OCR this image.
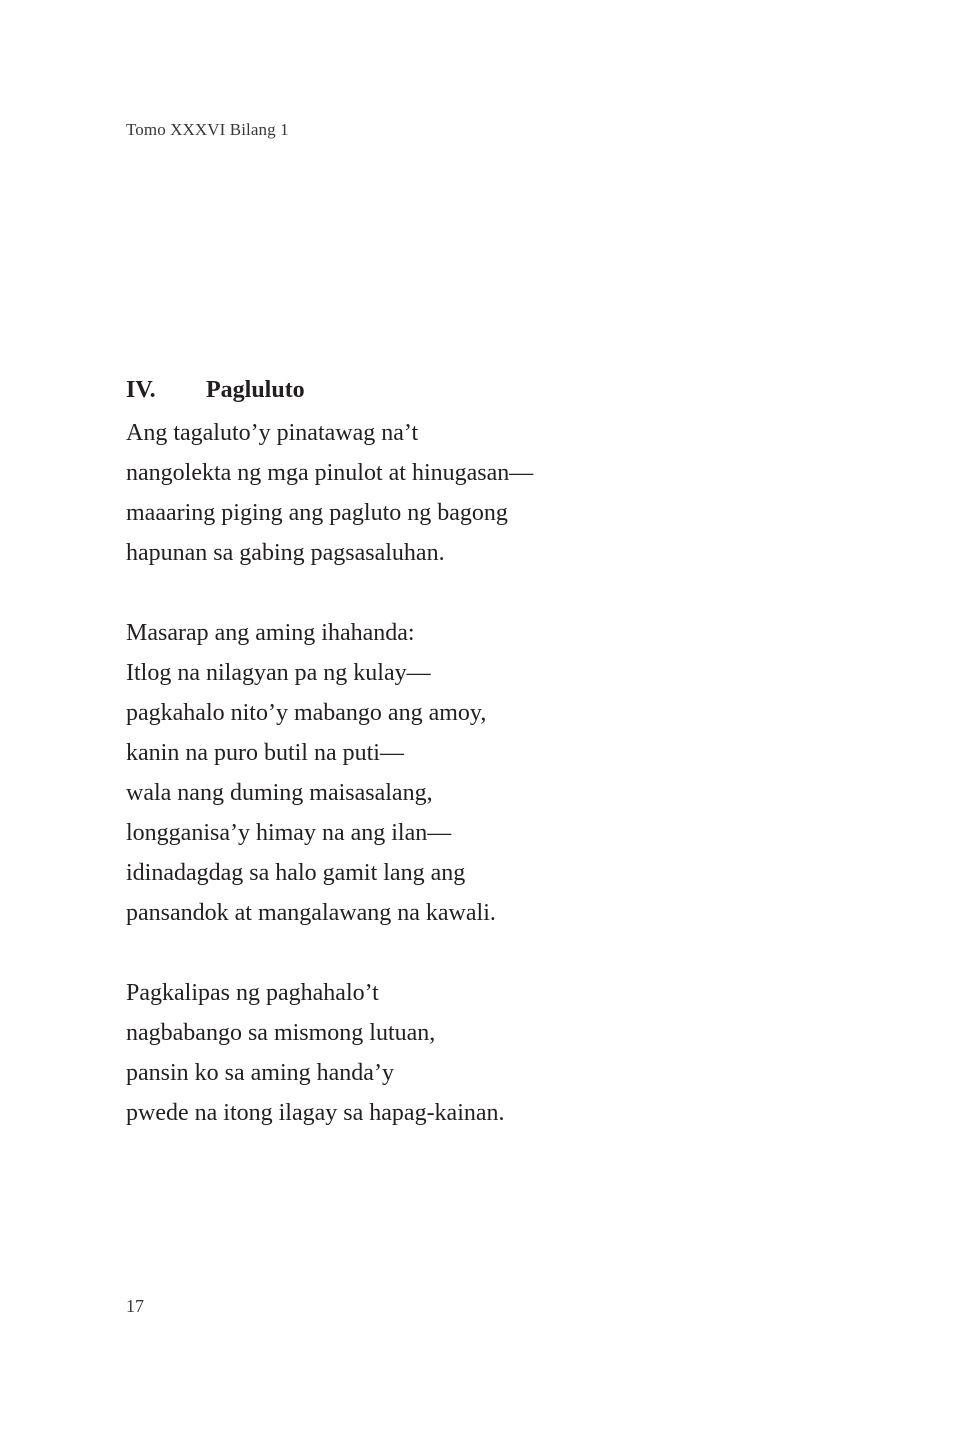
Tomo XXXVI Bilang 1
IV. Pagluluto
Ang tagaluto’y pinatawag na’t
nangolekta ng mga pinulot at hinugasan—
maaaring piging ang pagluto ng bagong
hapunan sa gabing pagsasaluhan.
Masarap ang aming ihahanda:
Itlog na nilagyan pa ng kulay—
pagkahalo nito’y mabango ang amoy,
kanin na puro butil na puti—
wala nang duming maisasalang,
longganisa’y himay na ang ilan—
idinadagdag sa halo gamit lang ang
pansandok at mangalawang na kawali.
Pagkalipas ng paghahalo’t
nagbabango sa mismong lutuan,
pansin ko sa aming handa’y
pwede na itong ilagay sa hapag-kainan.
17
